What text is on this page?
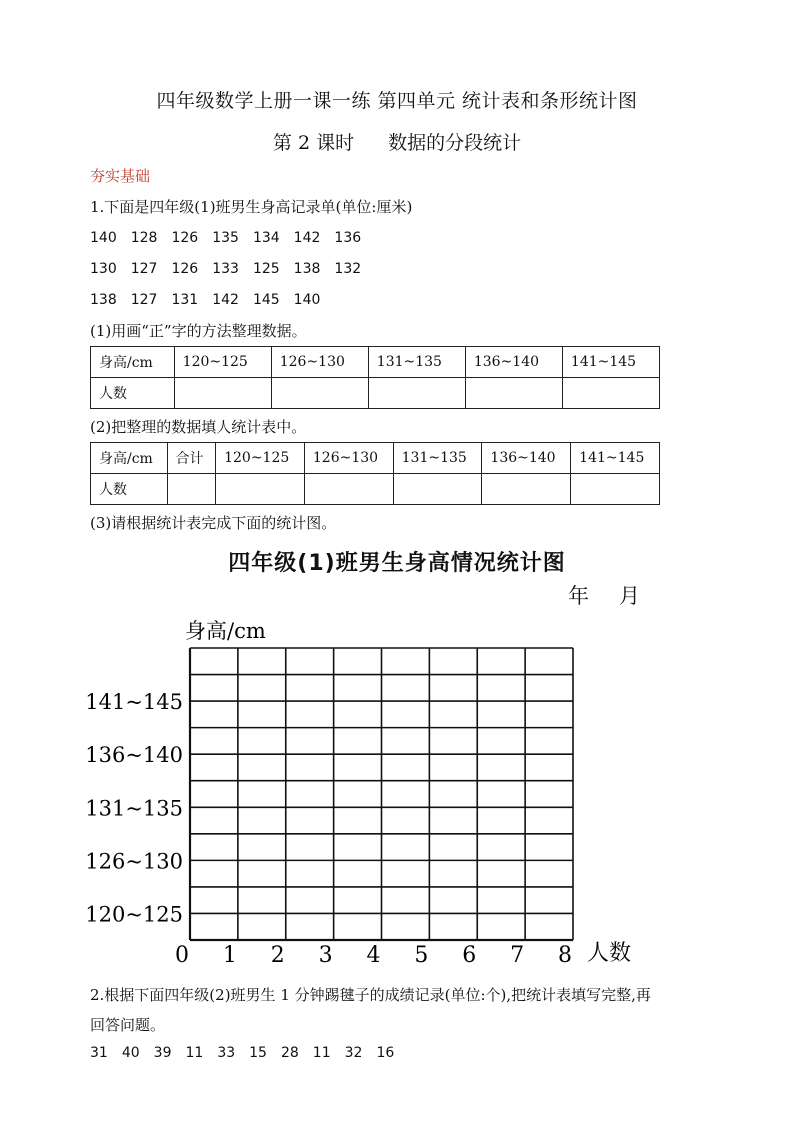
四年级数学上册一课一练 第四单元 统计表和条形统计图
第 2 课时 数据的分段统计
夯实基础
1.下面是四年级(1)班男生身高记录单(单位:厘米)
140 128 126 135 134 142 136
130 127 126 133 125 138 132
138 127 131 142 145 140
(1)用画“正”字的方法整理数据。
身高/cm	120~125	126~130	131~135	136~140	141~145
人数					
(2)把整理的数据填人统计表中。
身高/cm	合计	120~125	126~130	131~135	136~140	141~145
人数						
(3)请根据统计表完成下面的统计图。
四年级(1)班男生身高情况统计图
年 月
身高/cm
120~125
126~130
131~135
136~140
141~145
0 1 2 3 4 5 6 7 8 人数
2.根据下面四年级(2)班男生 1 分钟踢毽子的成绩记录(单位:个),把统计表填写完整,再
回答问题。
31 40 39 11 33 15 28 11 32 16
